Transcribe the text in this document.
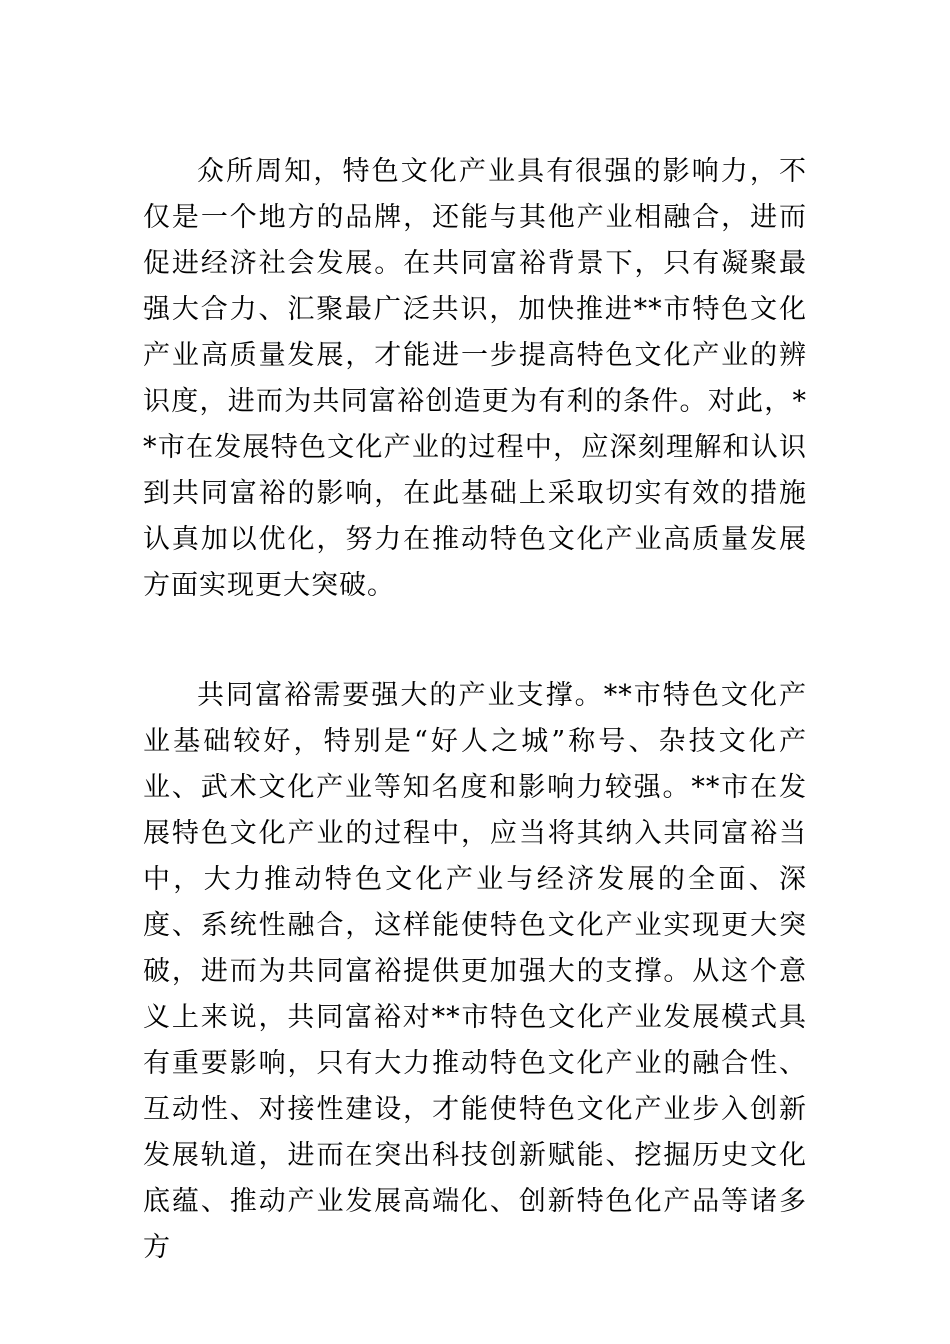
众所周知，特色文化产业具有很强的影响力，不仅是一个地方的品牌，还能与其他产业相融合，进而促进经济社会发展。在共同富裕背景下，只有凝聚最强大合力、汇聚最广泛共识，加快推进**市特色文化产业高质量发展，才能进一步提高特色文化产业的辨识度，进而为共同富裕创造更为有利的条件。对此，**市在发展特色文化产业的过程中，应深刻理解和认识到共同富裕的影响，在此基础上采取切实有效的措施认真加以优化，努力在推动特色文化产业高质量发展方面实现更大突破。

共同富裕需要强大的产业支撑。**市特色文化产业基础较好，特别是“好人之城”称号、杂技文化产业、武术文化产业等知名度和影响力较强。**市在发展特色文化产业的过程中，应当将其纳入共同富裕当中，大力推动特色文化产业与经济发展的全面、深度、系统性融合，这样能使特色文化产业实现更大突破，进而为共同富裕提供更加强大的支撑。从这个意义上来说，共同富裕对**市特色文化产业发展模式具有重要影响，只有大力推动特色文化产业的融合性、互动性、对接性建设，才能使特色文化产业步入创新发展轨道，进而在突出科技创新赋能、挖掘历史文化底蕴、推动产业发展高端化、创新特色化产品等诸多方
